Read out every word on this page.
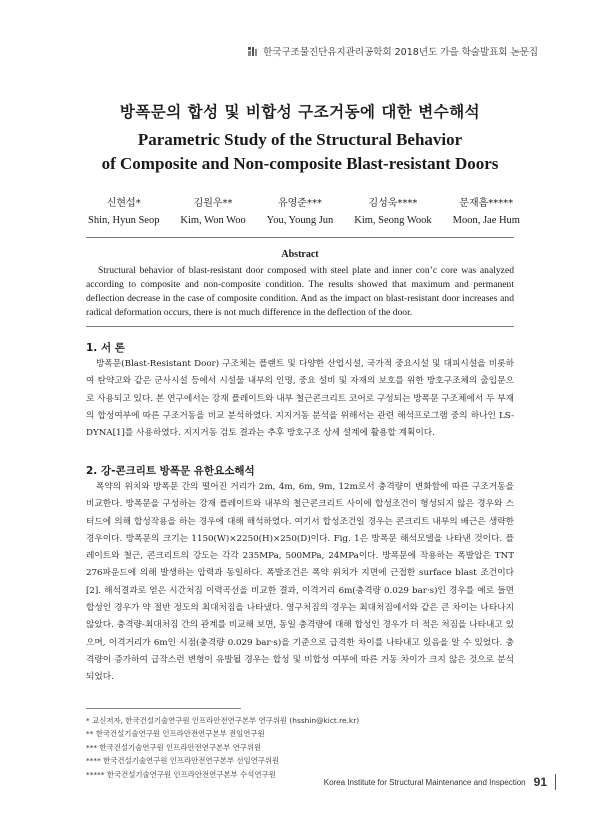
한국구조물진단유지관리공학회 2018년도 가을 학술발표회 논문집
방폭문의 합성 및 비합성 구조거동에 대한 변수해석
Parametric Study of the Structural Behavior
of Composite and Non-composite Blast-resistant Doors
신현섭*
Shin, Hyun Seop
김원우**
Kim, Won Woo
유영준***
You, Young Jun
김성욱****
Kim, Seong Wook
문재흠*****
Moon, Jae Hum
Abstract

Structural behavior of blast-resistant door composed with steel plate and inner con’c core was analyzed according to composite and non-composite condition. The results showed that maximum and permanent deflection decrease in the case of composite condition. And as the impact on blast-resistant door increases and radical deformation occurs, there is not much difference in the deflection of the door.

1. 서 론

방폭문(Blast-Resistant Door) 구조체는 플랜트 및 다양한 산업시설, 국가적 중요시설 및 대피시설을 비롯하여 탄약고와 같은 군사시설 등에서 시설물 내부의 인명, 중요 설비 및 자재의 보호를 위한 방호구조체의 출입문으로 사용되고 있다. 본 연구에서는 강재 플레이트와 내부 철근콘크리트 코어로 구성되는 방폭문 구조체에서 두 부재의 합성여부에 따른 구조거동을 비교 분석하였다. 지지거동 분석을 위해서는 관련 해석프로그램 중의 하나인 LS-DYNA[1]를 사용하였다. 지지거동 검토 결과는 추후 방호구조 상세 설계에 활용할 계획이다.

2. 강-콘크리트 방폭문 유한요소해석

폭약의 위치와 방폭문 간의 떨어진 거리가 2m, 4m, 6m, 9m, 12m로서 충격량이 변화함에 따른 구조거동을 비교한다. 방폭문을 구성하는 강재 플레이트와 내부의 철근콘크리트 사이에 합성조건이 형성되지 않은 경우와 스터드에 의해 합성작용을 하는 경우에 대해 해석하였다. 여기서 합성조건일 경우는 콘크리트 내부의 배근은 생략한 경우이다. 방폭문의 크기는 1150(W)×2250(H)×250(D)이다. Fig. 1은 방폭문 해석모델을 나타낸 것이다. 플레이트와 철근, 콘크리트의 강도는 각각 235MPa, 500MPa, 24MPa이다. 방폭문에 작용하는 폭발압은 TNT 276파운드에 의해 발생하는 압력과 동일하다. 폭발조건은 폭약 위치가 지면에 근접한 surface blast 조건이다[2]. 해석결과로 얻은 시간처짐 이력곡선을 비교한 결과, 이격거리 6m(충격량 0.029 bar·s)인 경우를 예로 들면 합성인 경우가 약 절반 정도의 최대처짐을 나타냈다. 영구처짐의 경우는 최대처짐에서와 같은 큰 차이는 나타나지 않았다. 충격량-최대처짐 간의 관계를 비교해 보면, 동일 충격량에 대해 합성인 경우가 더 적은 처짐을 나타내고 있으며, 이격거리가 6m인 시점(충격량 0.029 bar·s)을 기준으로 급격한 차이를 나타내고 있음을 알 수 있었다. 충격량이 증가하여 급작스런 변형이 유발될 경우는 합성 및 비합성 여부에 따른 거동 차이가 크지 않은 것으로 분석되었다.

* 교신저자, 한국건설기술연구원 인프라안전연구본부 연구위원 (hsshin@kict.re.kr)
** 한국건설기술연구원 인프라안전연구본부 전임연구원
*** 한국건설기술연구원 인프라안전연구본부 연구위원
**** 한국건설기술연구원 인프라안전연구본부 선임연구위원
***** 한국건설기술연구원 인프라안전연구본부 수석연구원
Korea Institute for Structural Maintenance and Inspection 91
